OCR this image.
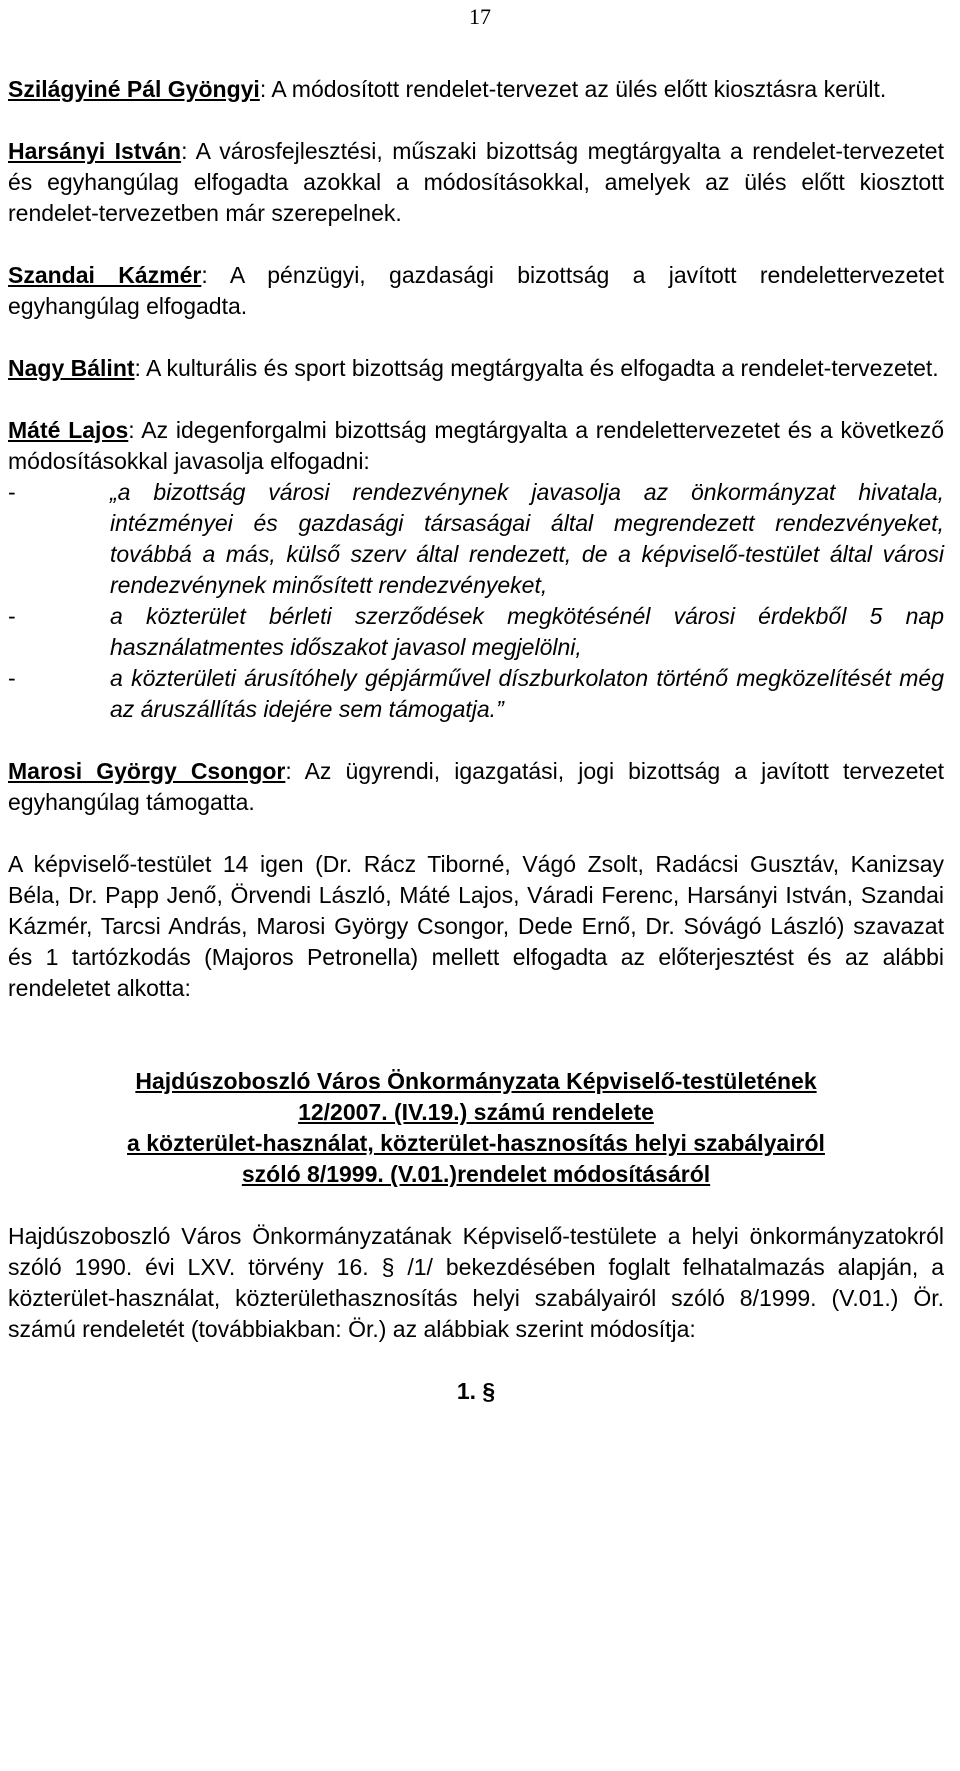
17

Szilágyiné Pál Gyöngyi: A módosított rendelet-tervezet az ülés előtt kiosztásra került.

Harsányi István: A városfejlesztési, műszaki bizottság megtárgyalta a rendelet-tervezetet és egyhangúlag elfogadta azokkal a módosításokkal, amelyek az ülés előtt kiosztott rendelet-tervezetben már szerepelnek.

Szandai Kázmér: A pénzügyi, gazdasági bizottság a javított rendelettervezetet egyhangúlag elfogadta.

Nagy Bálint: A kulturális és sport bizottság megtárgyalta és elfogadta a rendelet-tervezetet.

Máté Lajos: Az idegenforgalmi bizottság megtárgyalta a rendelettervezetet és a következő módosításokkal javasolja elfogadni:

-	„a bizottság városi rendezvénynek javasolja az önkormányzat hivatala, intézményei és gazdasági társaságai által megrendezett rendezvényeket, továbbá a más, külső szerv által rendezett, de a képviselő-testület által városi rendezvénynek minősített rendezvényeket,
-	a közterület bérleti szerződések megkötésénél városi érdekből 5 nap használatmentes időszakot javasol megjelölni,
-	a közterületi árusítóhely gépjárművel díszburkolaton történő megközelítését még az áruszállítás idejére sem támogatja.”

Marosi György Csongor: Az ügyrendi, igazgatási, jogi bizottság a javított tervezetet egyhangúlag támogatta.

A képviselő-testület 14 igen (Dr. Rácz Tiborné, Vágó Zsolt, Radácsi Gusztáv, Kanizsay Béla, Dr. Papp Jenő, Örvendi László, Máté Lajos, Váradi Ferenc, Harsányi István, Szandai Kázmér, Tarcsi András, Marosi György Csongor, Dede Ernő, Dr. Sóvágó László) szavazat és 1 tartózkodás (Majoros Petronella) mellett elfogadta az előterjesztést és az alábbi rendeletet alkotta:

Hajdúszoboszló Város Önkormányzata Képviselő-testületének
12/2007. (IV.19.) számú rendelete
a közterület-használat, közterület-hasznosítás helyi szabályairól
szóló 8/1999. (V.01.)rendelet módosításáról

Hajdúszoboszló Város Önkormányzatának Képviselő-testülete a helyi önkormányzatokról szóló 1990. évi LXV. törvény 16. § /1/ bekezdésében foglalt felhatalmazás alapján, a közterület-használat, közterülethasznosítás helyi szabályairól szóló 8/1999. (V.01.) Ör. számú rendeletét (továbbiakban: Ör.) az alábbiak szerint módosítja:

1. §
